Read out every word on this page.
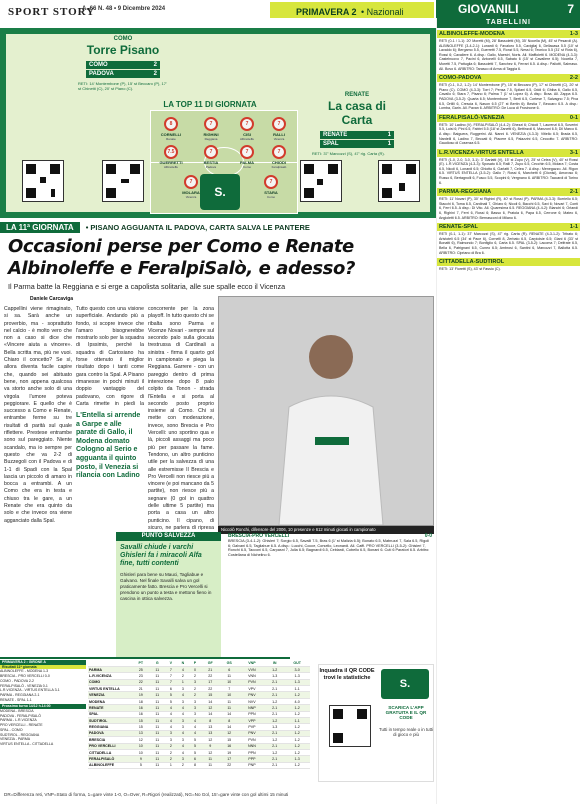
SPORT STORY
A. 66 N. 48 • 9 Dicembre 2024	PRIMAVERA 2 • Nazionali	GIOVANILI	7
COMO
Torre Pisano
COMO	2
PADOVA	2
RETI: 14' Montembone (P), 15' st Beccaro (P), 17' st Chinetti (C), 20' st Piano (C).
RENATE
La casa di Carta
RENATE	1
SPAL	1
RETI: 37' Marcozzi (S), 47' rig. Carta (R).
LA TOP 11 DI GIORNATA
8
CORNELLI
Renate
7
RIGHINI
Reggiana
7
CISI
Albinoleffe
7
RALLI
Vicenza
7.5
GUERRETTI
Albinoleffe
7
BESTIA
Padova
7
PALMA
Como
7
CHIODI
Feralpisalò
7
MOLARA
Vicenza
7
STARA
Como
S.
LA 11ª GIORNATA	• PISANO AGGUANTA IL PADOVA, CARTA SALVA LE PANTERE
Occasioni perse per Como e Renate
Albinoleffe e FeralpiSalò, e adesso?
Il Parma batte la Reggiana e si erge a capolista solitaria, alle sue spalle ecco il Vicenza
Daniele Carcaviga
Cappellini viene rimaginato, si sa. Sarà anche un proverbio, ma - soprattutto nel calcio - è molto vero che non a caso si dice che «Vincere aiuta a vincere». Bella scritta ma, più ne vuoi. Chiaro il concetto? Se sì, allora diventa facile capire che, quando sei abituato bene, non appena qualcosa va storto anche solo di una virgola l'umore poteva peggiorare. E quello che è successo a Como e Renate, entrambe ferme su tre risultati di parità sul quale riflettere. Prestese entrambe sono sul pareggiato. Niente scandalo, ma io sempre per questo che va 2-2 di Buzzegoli con il Padova e di 1-1 di Spadi con la Spal lascia un piccolo di amaro in bocca a entrambi. A un Como che era in testa e chiuso tra le gare, a un Renate che era quinto da solo e che invece ora viene agganciato dalla Spal.
Tutto questo con una visione superficiale. Andando più a fondo, si scopre invece che l'amaro bisognerebbe mostrarlo solo per la squadra di Ipssimis, perché la squadra di Cartosiano ha forse ottenuto il miglior risultato dopo i tanti come gara contro la Spal. A Pisano rimanesse in pochi minuti il doppio vantaggio del padovano, con rigore di Carta rimette in piedi la
L'Entella si arrende a Garpe e alle parate di Gallo, il Modena domato Cologno al Serio e agguanta il quinto posto, il Venezia si rilancia con Ladino
concorrente per la zona playoff. In tutto questo chi se ribalta sono Parma e Vicenze Novari - sempre sul secondo palo sulla giocata trestrussa di Cardinali a sinistra - firma il quarto gol in campionato e piega la Reggiana. Garrere - con un pareggio dentro di prima interezione dopo 8 palo colpito da Tonon - strada l'Entella e si porta al secondo posto proprio insieme al Como. Chi si mette con moderazione, invece, sono Brescia e Pro Vercelli: uno sportino qua e là, piccoli assaggi ma poco più per passare la fame. Tendono, un altro punticino utile per la salvezza di una alle estremisse Il Brescia e Pro Vercelli non riesce più a vincere (e poi mancano da 5 partite), non riesce più a segnare (0 gol in quattro delle ultime 5 partite) ma porta a casa un altro punticino. Il cipano, di sicuro, ne parlera di ripresa	Niccolò Ronchi, difensore del 2006, 10 presenze e 612 minuti giocati in campionato
PUNTO SALVEZZA
Savalli chiude i varchi Ghisleri fa i miracoli Alfa fine, tutti contenti
Ghisleri para bene su Mauci, Tagliabue e Galvano. Nel finale Savalli salva un gol praticamente fatto. Brescia e Pro Vercelli si prendono un punto a testa e mettono fieno in cascina in ottica salvezza.
BRESCIA-PRO VERCELLI	0-0
BRESCIA (3-4-1-2): Ghisleri 7; Sorgio 6.5, Savalli 7.5, Bras 6 (1' st Malizia 6.5); Bonato 6.5, Mabruzzi 7, Sala 6.5, Rigoli 6; Galvani 6.5, Tagliabue 6.5. A disp.: Lucchi, Cocce, Corsello, Leonardi. All. Caffi. PRO VERCELLI (3-5-2): Ghisleri 7, Ronchi 6.5, Tacconi 6.5, Carpasni 7, Julia 6.5; Bagnardi 6.5, Ceblardi, Cobello 6.5, Bonani 6. Cuti 6 Paratori 6.5. Arbitro: Costellana di Nichelino 6.
PRIMAVERA 2 • GIRONE A
Risultati 11ª giornata
ALBINOLEFFE - MODENA 1-3
BRESCIA - PRO VERCELLI 0-0
COMO - PADOVA 2-2
FERALPISALÒ - VENEZIA 0-1
L.R.VICENZA - VIRTUS ENTELLA 3-1
PARMA - REGGIANA 2-1
RENATE - SPAL 1-1
Prossimo turno 14/12 h.14:00
MODENA - BRESCIA
PADOVA - FERALPISALÒ
PARMA - L.R.VICENZA
PRO VERCELLI - RENATE
SPAL - COMO
SUDTIROL - REGGIANA
VENEZIA - PARMA
VIRTUS ENTELLA - CITTADELLA
	PT	G	V	N	P	GF	GS	VNP	IN	OUT
PARMA	25	11	7	4	0	21	6	VVN	1-2	3-0
L.R.VICENZA	23	11	7	2	2	22	11	VNN	1-3	1-3
COMO	22	11	7	1	3	17	10	PVN	2-1	1-3
VIRTUS ENTELLA	21	11	6	3	2	22	7	VPV	2-1	1-1
VENEZIA	19	11	5	4	2	15	10	PNV	2-1	1-2
MODENA	18	11	5	3	3	14	11	NVV	1-2	4-0
RENATE	16	11	4	4	3	12	11	NNP	2-1	1-2
SPAL	16	11	4	4	3	14	14	PPN	2-1	1-2
SUDTIROL	15	11	4	3	4	8	8	VPP	1-2	1-1
REGGIANA	15	11	4	3	4	13	14	PVP	1-3	1-2
PADOVA	13	11	3	4	4	13	12	PNV	2-1	1-2
BRESCIA	12	11	3	3	5	12	15	PVN	1-2	1-2
PRO VERCELLI	10	11	2	4	5	9	16	NNN	2-1	1-2
CITTADELLA	10	11	2	4	5	12	19	PPN	1-2	1-2
FERALPISALÒ	9	11	2	3	6	11	17	PPP	2-1	1-3
ALBINOLEFFE	5	11	1	2	8	11	22	PNP	2-1	1-2
Inquadra il QR CODE trovi le statistiche
S.
SCARICA L'APP GRATUITA E IL QR CODE
Tutti in tempo reale o in tutti di gioco e più
DR=Differenza reti, VNP=Stato di forma, 1=gare vinte 1-0, O=Over, R=Rigori (realizzati), NG=No Gol, 15'=gare vinte con gol ultimi 15 minuti
TABELLINI
ALBINOLEFFE-MODENA	1-3
RETI (0-1 / 1-1): 20' Moretti (M), 28' Bassoletti (M), 35' Nocella (M), 45' st Pesaroli (A). ALBINOLEFFE (3-4-2-1): Lunardi 6; Favaloro 5.5, Cavigliaj 6, Dellacasa 5.5 (10' st Lavaldo 6); Bergamo 5.5, Guerretti 7.5, Ronzi 5.5, Nessi 6; Tecnico 5.5 (31' st Rota 6), Rossi 6; Cavaliere 6. A disp.: Gallo, Maestri, Noris. All. Maffioletti 6. MODENA (4-3-3): Castelnuovo 7, Pacini 6, Antonelli 6.5, Sabato 6 (15' st Cavaliere 6.5); Nocella 7, Moretti 7.5, Pattuglia 6; Bassoletti 7, Sanchez 6, Ferrari 6.5. A disp.: Paliotti, Salmaso. All. Bovo 6. ARBITRO: Tarasco di Arma di Taggia 6.
COMO-PADOVA	2-2
RETI (0-1, 0-2, 1-2): 14' Montembone (P), 15' st Beccaro (P), 17' st Chinetti (C), 20' st Piano (C). COMO (4-3-3): Torri 7; Pensa 7.5, Spilani 6.5, Oddi 6; Ghiba 6, Gallo 6.5, Cavallo 6; Stara 7, Pisano 6; Palma 7 (1' st Lopez 6). A disp.: Braa. All. Zappa 6.5. PADOVA (3-5-2): Quarta 6.5; Montembone 7, Berti 6.5, Cortese 7, Salvagno 7.5; Piva 6.5, Ortilli 6, Crescia 6, Nason 6.5 (27' st Bertin 6); Bestia 7, Beccaro 6.5. A disp.: Lomba, Garin. All. Pavan 6. ARBITRO: De Luca di Frosinone 6.
FERALPISALÒ-VENEZIA	0-1
RETI: 10' Ladino (V). FERALPISALÒ (4-4-2): Ghezzi 6; Chiodi 7, Laurenzi 6.5, Soverini 5.5, Luisi 6; Pini 6.5, Fabbri 5.5 (18' st Zanetti 6), Bettinzoli 6, Manzoni 6.5; Dil Marco 6. A disp.: Baiguera, Ruggerini. All. Nanni 6. VENEZIA (4-3-3): Vitiello 6.5; Brada 6.5, Nardelli 6, Ladino 7, Beccati 6; Piacere 6.5, Palazzini 6.5, Ceccotto 7. ARBITRO: Gaudioso di Cosenza 6.5.
L.R.VICENZA-VIRTUS ENTELLA	3-1
RETI (1-0, 2-0, 3-0, 3-1): 3' Garlatti (V), 15' st Zupo (V), 25' st Celea (V), 40' st Rossi (E). L.R.VICENZA (4-3-3): Sposato 6.5; Ralli 7, Zupo 6.5, Cecchin 6.5, Molara 7; Costa 6.5, Nicoli 6, Lonardi 6.5; Ghiotto 6, Garlatti 7, Celea 7. A disp.: Menegazzo. All. Rigon 6.5. VIRTUS ENTELLA (3-5-2): Gallo 7; Rossi 6, Marchetti 6 (Dionisi), Amoroso 6; Russo 6, Bertagnolli 6, Fusco 5.5, Scopini 6; Vergnano 6. ARBITRO: Taccardi di Torino 6.
PARMA-REGGIANA	2-1
RETI: 11' Novari (P), 30' st Righini (R), 40' st Rossi (P). PARMA (4-3-3): Borriello 6.5; Stacchi 6, Toma 6.5, Cardinali 7, Ghiaro 6; Nicoli 6, Bacchi 6.5, Savi 6; Novari 7, Conti 6, Ferri 6.5. A disp.: Di Vito. All. Quaresima 6.5. REGGIANA (4-4-2): Bianchi 6; Orlandi 6, Righini 7, Ferri 6, Rossi 6; Basso 6, Pratola 6, Papa 6.5, Cerrone 6; Mateo 6, Angioletti 6.5. ARBITRO: Bernasconi di Milano 6.
RENATE-SPAL	1-1
RETI (0-1, 1-1): 37' Marcozzi (S), 47' rig. Carta (R). RENATE (4-3-1-2): Tribato 6; Aristoteli 6.5 (34' st Pace 6), Cornelli 8, Zerbato 6.5, Carpiolsie 6.5; Giani 6 (33' st Bonatti 6), Raimondo 7; Bonfiglio 6, Carta 6.5. SPAL (3-5-2): Lacoma 7; Delfrate 6.5, Bella 6, Patrignani 6.5, Cuneo 6.5; Ambrosi 6, Santini 6, Marcozzi 7, Ballotta 6.5. ARBITRO: Cipriano di Bra 6.
CITTADELLA-SUDTIROL
RETI: 13' Fioretti (S), 43' st Fassio (C).
